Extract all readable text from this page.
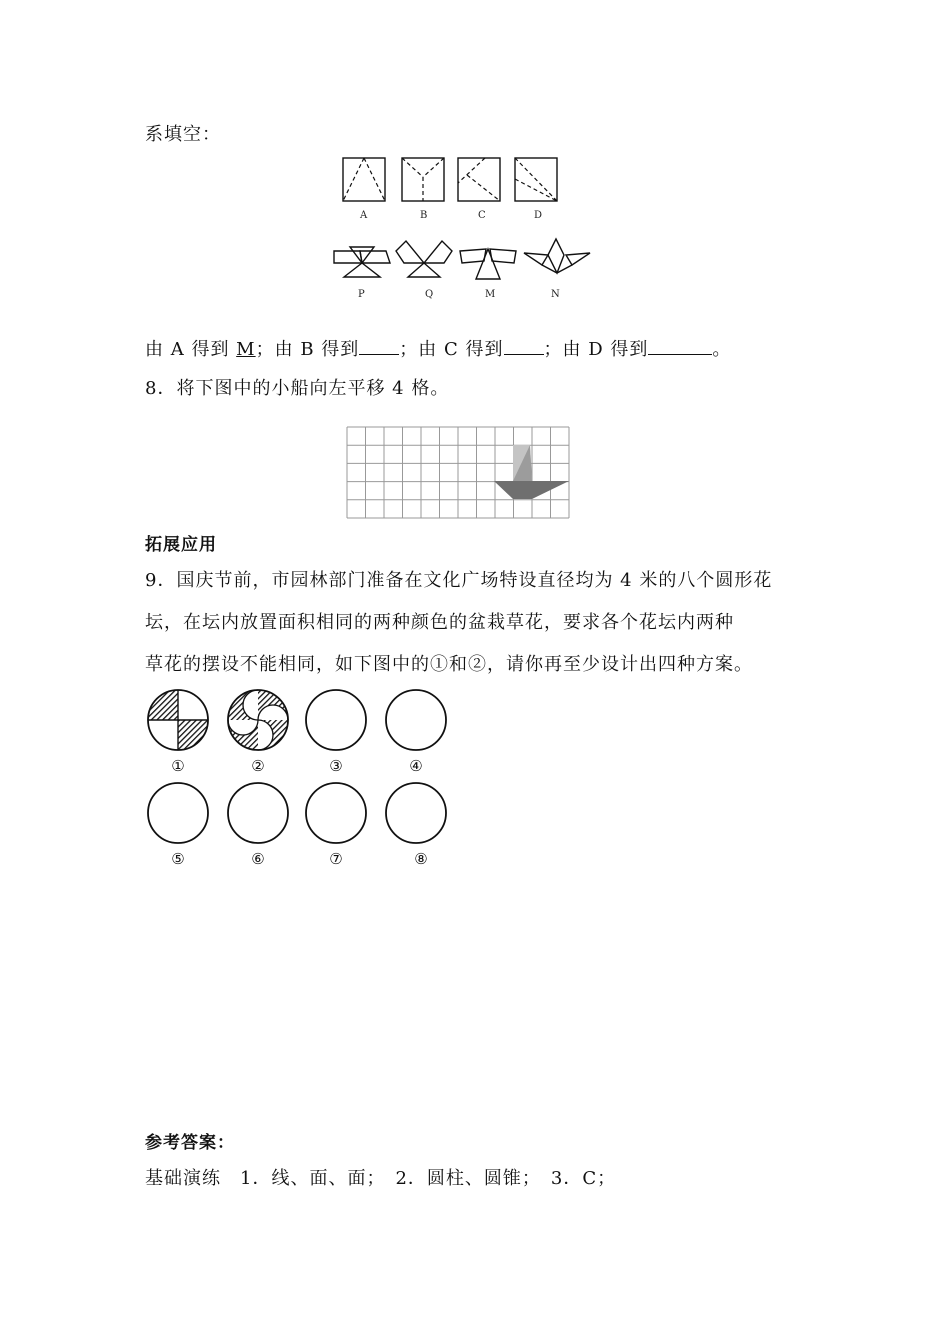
系填空：
A	B	C	D
P	Q	M	N
由 A 得到 M；由 B 得到 ；由 C 得到 ；由 D 得到	。
8．将下图中的小船向左平移 4 格。
拓展应用
9．国庆节前，市园林部门准备在文化广场特设直径均为 4 米的八个圆形花
坛，在坛内放置面积相同的两种颜色的盆栽草花，要求各个花坛内两种
草花的摆设不能相同，如下图中的①和②，请你再至少设计出四种方案。
①	②	③	④
⑤	⑥	⑦	⑧
参考答案：
基础演练　1．线、面、面；　2．圆柱、圆锥；　3．C；
